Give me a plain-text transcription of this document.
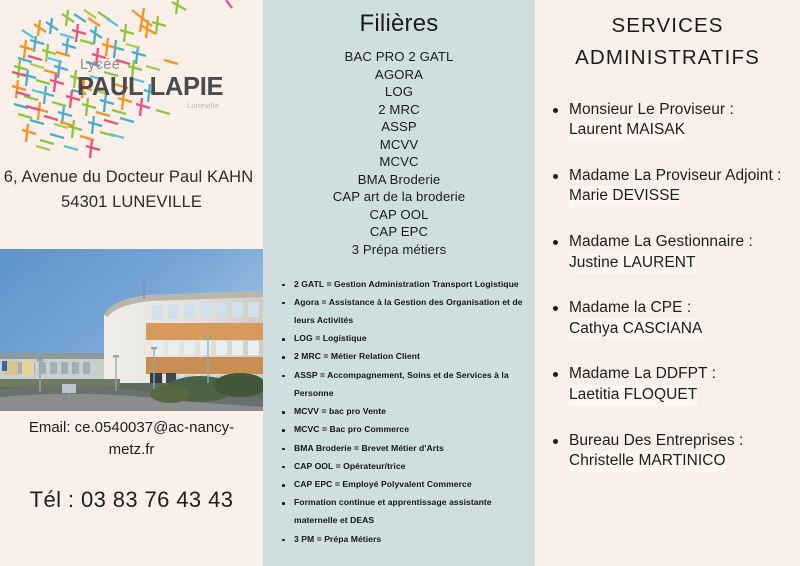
Lycée
PAUL LAPIE
Lunéville
6, Avenue du Docteur Paul KAHN
54301 LUNEVILLE
Email: ce.0540037@ac-nancy-metz.fr
Tél : 03 83 76 43 43
Filières
BAC PRO 2 GATL
AGORA
LOG
2 MRC
ASSP
MCVV
MCVC
BMA Broderie
CAP art de la broderie
CAP OOL
CAP EPC
3 Prépa métiers
2 GATL = Gestion Administration Transport Logistique
Agora = Assistance à la Gestion des Organisation et de leurs Activités
LOG = Logistique
2 MRC = Métier Relation Client
ASSP = Accompagnement, Soins et de Services à la Personne
MCVV = bac pro Vente
MCVC = Bac pro Commerce
BMA Broderie = Brevet Métier d'Arts
CAP OOL = Opérateur/trice
CAP EPC = Employé Polyvalent Commerce
Formation continue et apprentissage assistante maternelle et DEAS
3 PM = Prépa Métiers
SERVICES ADMINISTRATIFS
Monsieur Le Proviseur :
Laurent MAISAK
Madame La Proviseur Adjoint :
Marie DEVISSE
Madame La Gestionnaire :
Justine LAURENT
Madame la CPE :
Cathya CASCIANA
Madame La DDFPT :
Laetitia FLOQUET
Bureau Des Entreprises :
Christelle MARTINICO
